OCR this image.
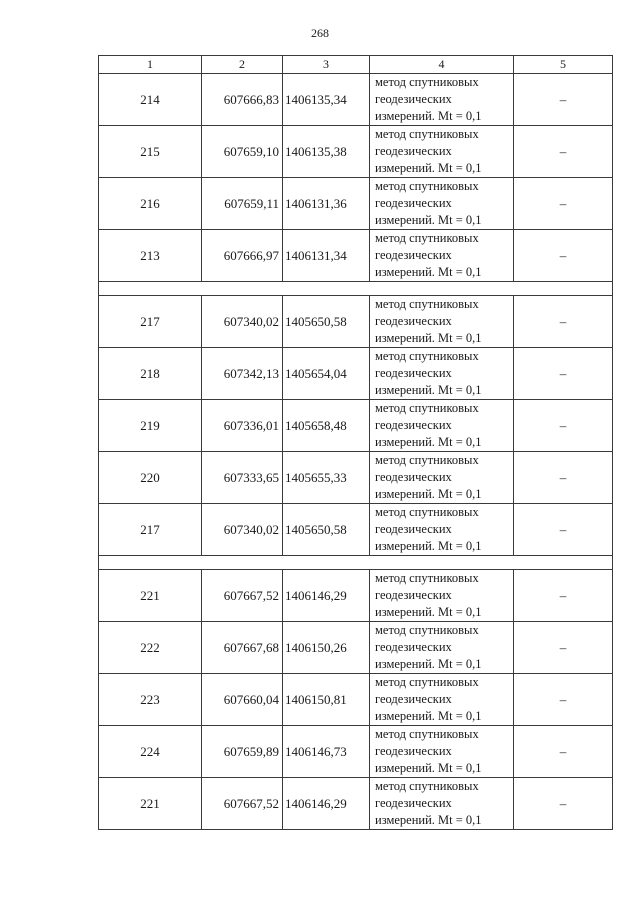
268
1	2	3	4	5
214	607666,83	1406135,34	метод спутниковых
геодезических
измерений. Mt = 0,1	–
215	607659,10	1406135,38	метод спутниковых
геодезических
измерений. Mt = 0,1	–
216	607659,11	1406131,36	метод спутниковых
геодезических
измерений. Mt = 0,1	–
213	607666,97	1406131,34	метод спутниковых
геодезических
измерений. Mt = 0,1	–

217	607340,02	1405650,58	метод спутниковых
геодезических
измерений. Mt = 0,1	–
218	607342,13	1405654,04	метод спутниковых
геодезических
измерений. Mt = 0,1	–
219	607336,01	1405658,48	метод спутниковых
геодезических
измерений. Mt = 0,1	–
220	607333,65	1405655,33	метод спутниковых
геодезических
измерений. Mt = 0,1	–
217	607340,02	1405650,58	метод спутниковых
геодезических
измерений. Mt = 0,1	–

221	607667,52	1406146,29	метод спутниковых
геодезических
измерений. Mt = 0,1	–
222	607667,68	1406150,26	метод спутниковых
геодезических
измерений. Mt = 0,1	–
223	607660,04	1406150,81	метод спутниковых
геодезических
измерений. Mt = 0,1	–
224	607659,89	1406146,73	метод спутниковых
геодезических
измерений. Mt = 0,1	–
221	607667,52	1406146,29	метод спутниковых
геодезических
измерений. Mt = 0,1	–
